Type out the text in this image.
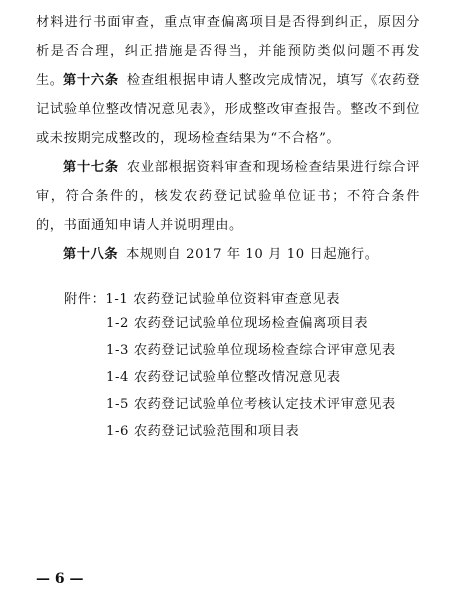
材料进行书面审查，重点审查偏离项目是否得到纠正，原因分析是否合理，纠正措施是否得当，并能预防类似问题不再发生。 第十六条 检查组根据申请人整改完成情况，填写《农药登记试验单位整改情况意见表》，形成整改审查报告。整改不到位或未按期完成整改的，现场检查结果为“不合格”。

第十七条 农业部根据资料审查和现场检查结果进行综合评审，符合条件的，核发农药登记试验单位证书；不符合条件的，书面通知申请人并说明理由。

第十八条 本规则自 2017 年 10 月 10 日起施行。

附件：1-1 农药登记试验单位资料审查意见表

1-2 农药登记试验单位现场检查偏离项目表

1-3 农药登记试验单位现场检查综合评审意见表

1-4 农药登记试验单位整改情况意见表

1-5 农药登记试验单位考核认定技术评审意见表

1-6 农药登记试验范围和项目表

— 6 —
